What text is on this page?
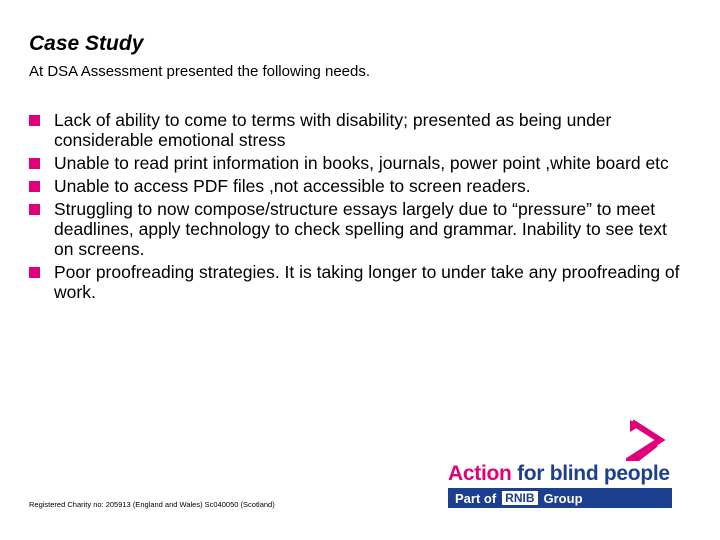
Case Study

At DSA Assessment presented the following needs.

Lack of ability to come to terms with disability; presented as being under considerable emotional stress
Unable to read print information in books, journals, power point ,white board etc
Unable to access PDF files ,not accessible to screen readers.
Struggling to now compose/structure essays largely due to “pressure” to meet deadlines, apply technology to check spelling and grammar. Inability to see text on screens.
Poor proofreading strategies. It is taking longer to under take any proofreading of work.

Registered Charity no: 205913 (England and Wales) Sc040050 (Scotland)

Action for blind people
Part of RNIB Group
